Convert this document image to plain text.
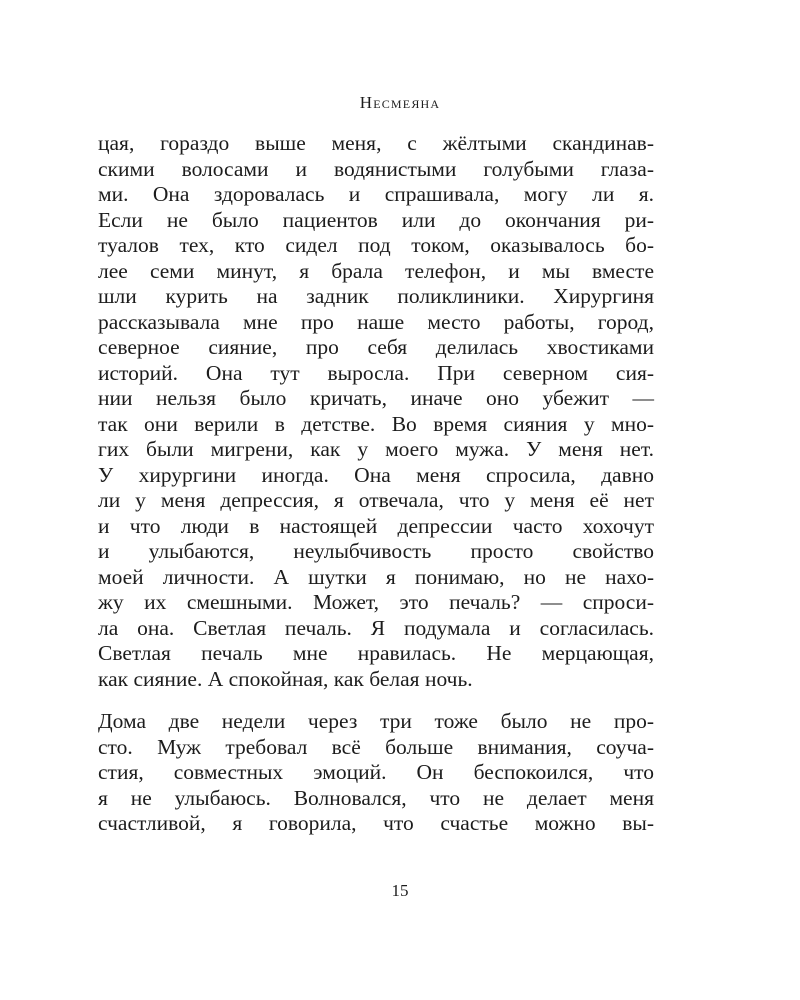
Несмеяна
цая, гораздо выше меня, с жёлтыми скандинав-
скими волосами и водянистыми голубыми глаза-
ми. Она здоровалась и спрашивала, могу ли я.
Если не было пациентов или до окончания ри-
туалов тех, кто сидел под током, оказывалось бо-
лее семи минут, я брала телефон, и мы вместе
шли курить на задник поликлиники. Хирургиня
рассказывала мне про наше место работы, город,
северное сияние, про себя делилась хвостиками
историй. Она тут выросла. При северном сия-
нии нельзя было кричать, иначе оно убежит —
так они верили в детстве. Во время сияния у мно-
гих были мигрени, как у моего мужа. У меня нет.
У хирургини иногда. Она меня спросила, давно
ли у меня депрессия, я отвечала, что у меня её нет
и что люди в настоящей депрессии часто хохочут
и улыбаются, неулыбчивость просто свойство
моей личности. А шутки я понимаю, но не нахо-
жу их смешными. Может, это печаль? — спроси-
ла она. Светлая печаль. Я подумала и согласилась.
Светлая печаль мне нравилась. Не мерцающая,
как сияние. А спокойная, как белая ночь.
Дома две недели через три тоже было не про-
сто. Муж требовал всё больше внимания, соуча-
стия, совместных эмоций. Он беспокоился, что
я не улыбаюсь. Волновался, что не делает меня
счастливой, я говорила, что счастье можно вы-
15
